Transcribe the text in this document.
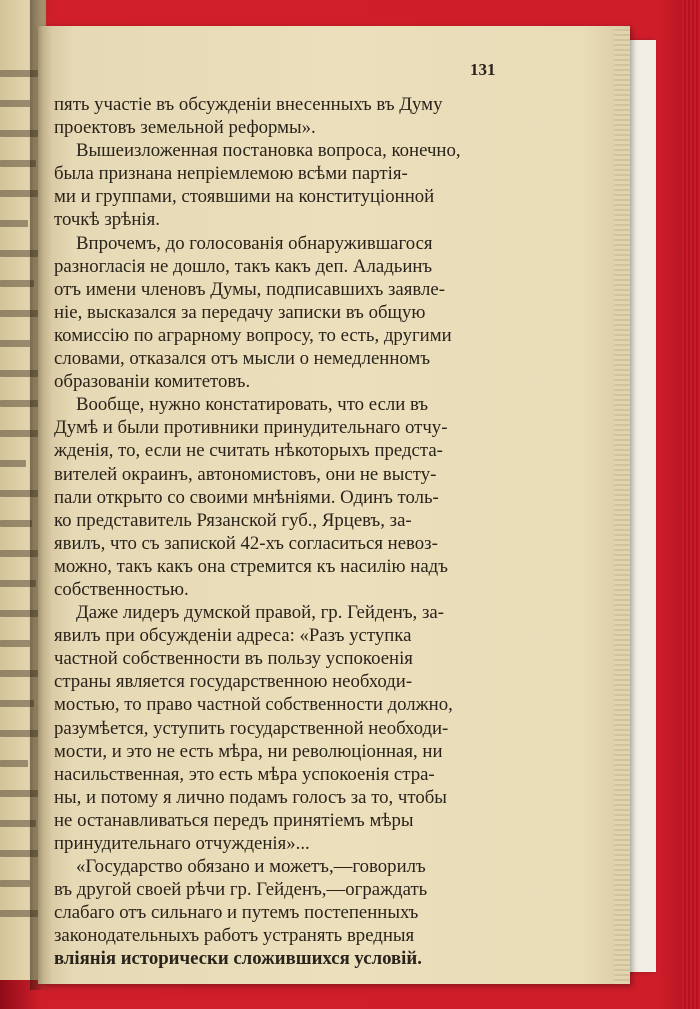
131
пять участіе въ обсужденіи внесенныхъ въ Думу
проектовъ земельной реформы».
Вышеизложенная постановка вопроса, конечно,
была признана непріемлемою всѣми партія-
ми и группами, стоявшими на конституціонной
точкѣ зрѣнія.
Впрочемъ, до голосованія обнаружившагося
разногласія не дошло, такъ какъ деп. Аладьинъ
отъ имени членовъ Думы, подписавшихъ заявле-
ніе, высказался за передачу записки въ общую
комиссію по аграрному вопросу, то есть, другими
словами, отказался отъ мысли о немедленномъ
образованіи комитетовъ.
Вообще, нужно констатировать, что если въ
Думѣ и были противники принудительнаго отчу-
жденія, то, если не считать нѣкоторыхъ предста-
вителей окраинъ, автономистовъ, они не высту-
пали открыто со своими мнѣніями. Одинъ толь-
ко представитель Рязанской губ., Ярцевъ, за-
явилъ, что съ запиской 42-хъ согласиться невоз-
можно, такъ какъ она стремится къ насилію надъ
собственностью.
Даже лидеръ думской правой, гр. Гейденъ, за-
явилъ при обсужденіи адреса: «Разъ уступка
частной собственности въ пользу успокоенія
страны является государственною необходи-
мостью, то право частной собственности должно,
разумѣется, уступить государственной необходи-
мости, и это не есть мѣра, ни революціонная, ни
насильственная, это есть мѣра успокоенія стра-
ны, и потому я лично подамъ голосъ за то, чтобы
не останавливаться передъ принятіемъ мѣры
принудительнаго отчужденія»...
«Государство обязано и можетъ,—говорилъ
въ другой своей рѣчи гр. Гейденъ,—ограждать
слабаго отъ сильнаго и путемъ постепенныхъ
законодательныхъ работъ устранять вредныя
вліянія исторически сложившихся условій.
